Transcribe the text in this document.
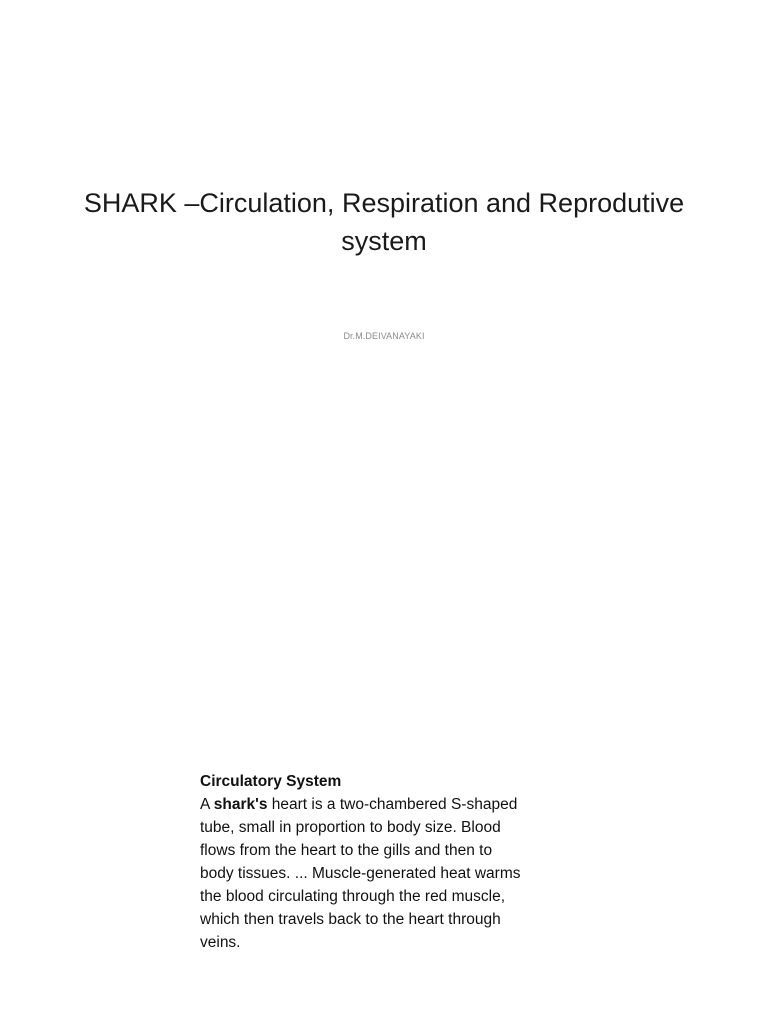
SHARK –Circulation, Respiration and Reprodutive
system
Dr.M.DEIVANAYAKI
Circulatory System
A shark's heart is a two-chambered S-shaped
tube, small in proportion to body size. Blood
flows from the heart to the gills and then to
body tissues. ... Muscle-generated heat warms
the blood circulating through the red muscle,
which then travels back to the heart through
veins.
